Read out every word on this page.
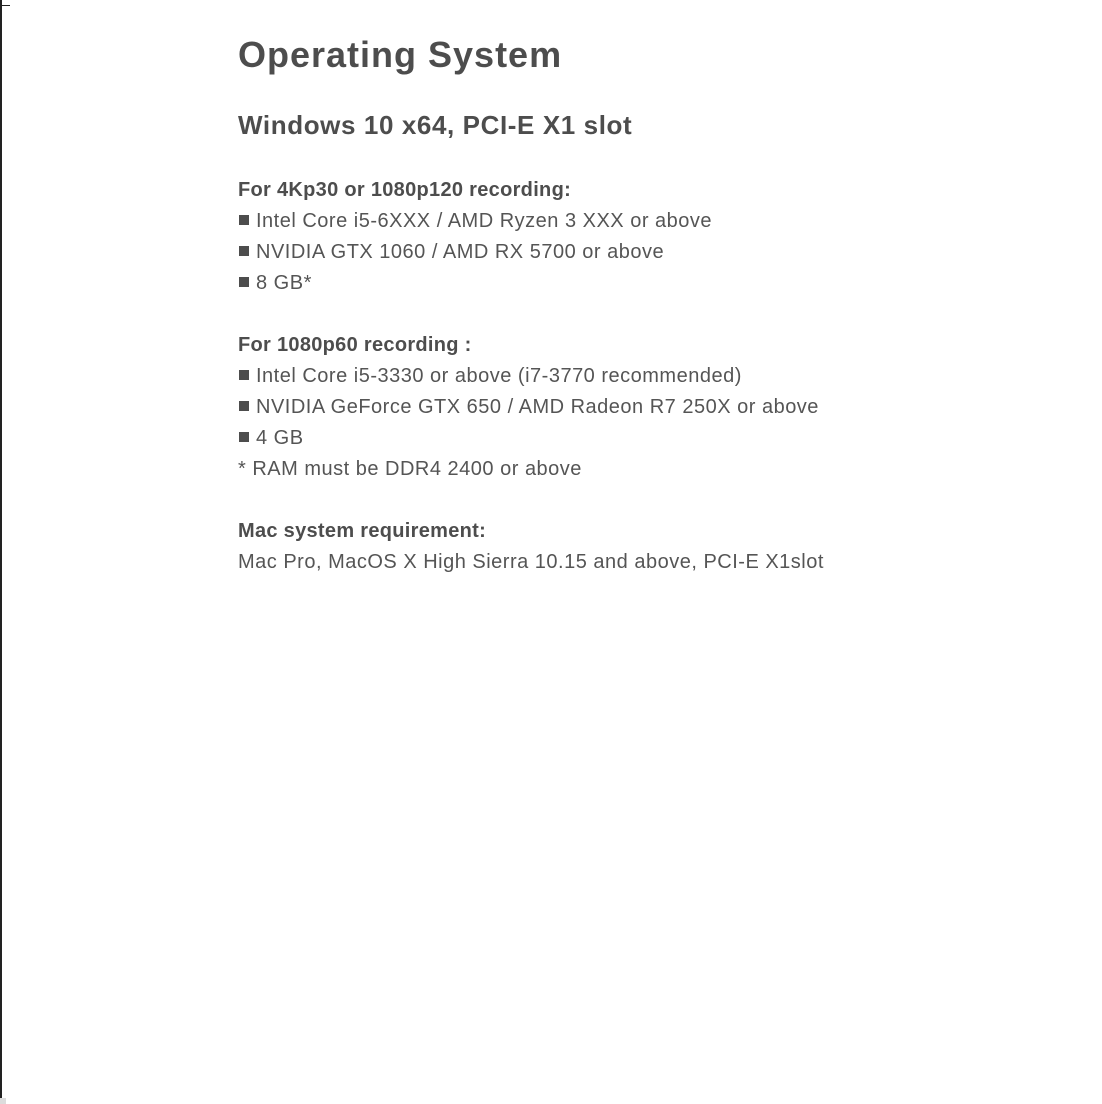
Operating System
Windows 10 x64, PCI-E X1 slot
For 4Kp30 or 1080p120 recording:
Intel Core i5-6XXX / AMD Ryzen 3 XXX or above
NVIDIA GTX 1060 / AMD RX 5700 or above
8 GB*
For 1080p60 recording :
Intel Core i5-3330 or above (i7-3770 recommended)
NVIDIA GeForce GTX 650 / AMD Radeon R7 250X or above
4 GB
* RAM must be DDR4 2400 or above
Mac system requirement:
Mac Pro, MacOS X High Sierra 10.15 and above, PCI-E X1slot
